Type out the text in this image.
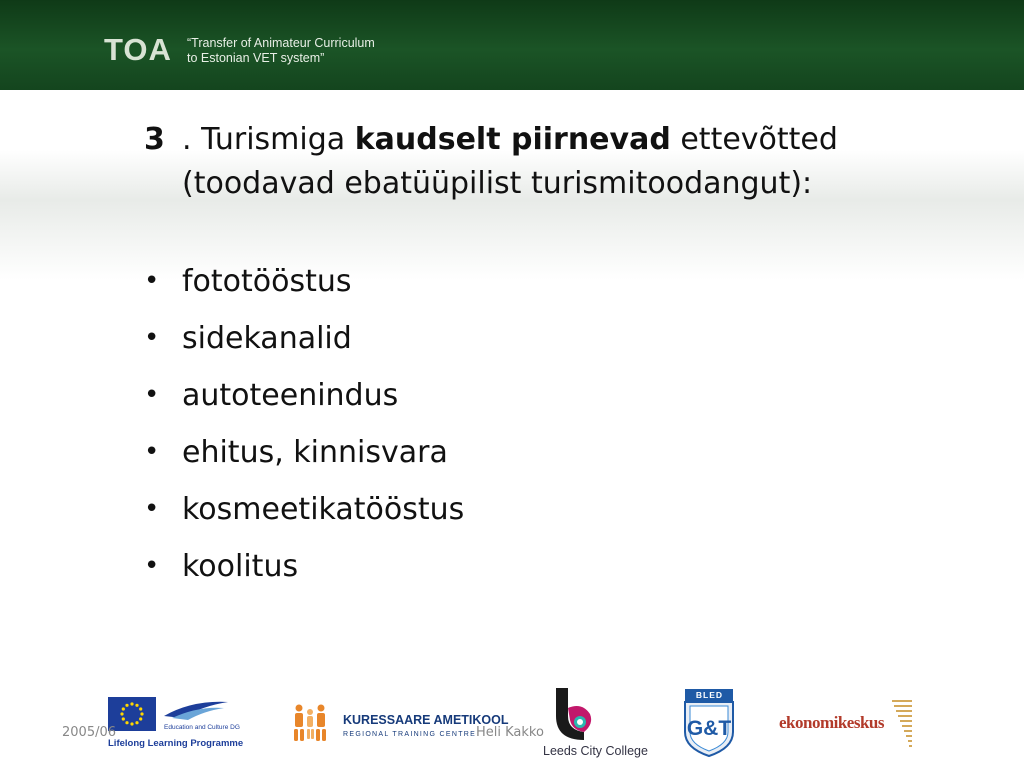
TOA “Transfer of Animateur Curriculum
to Estonian VET system”
3 . Turismiga kaudselt piirnevad ettevõtted
(toodavad ebatüüpilist turismitoodangut):
• fototööstus
• sidekanalid
• autoteenindus
• ehitus, kinnisvara
• kosmeetikatööstus
• koolitus
Education and Culture DG
Lifelong Learning Programme
2005/06
KURESSAARE AMETIKOOL
REGIONAL TRAINING CENTRE Heli Kakko
Leeds City College
G&T
BLED
ekonomikeskus
